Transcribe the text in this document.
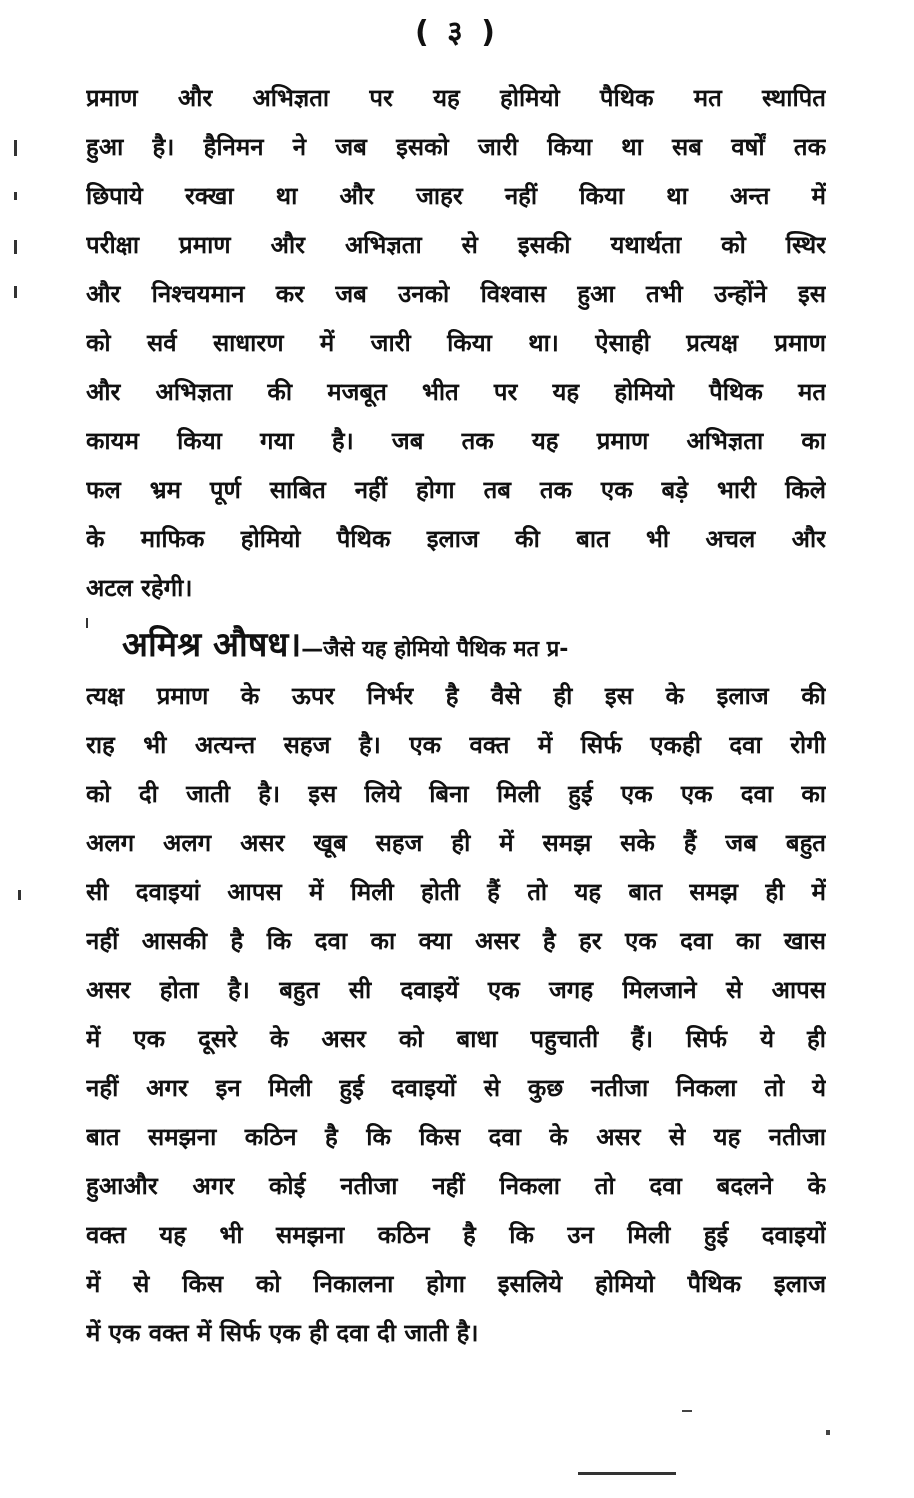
( ३ )
प्रमाण और अभिज्ञता पर यह होमियो पैथिक मत स्थापित
हुआ है। हैनिमन ने जब इसको जारी किया था सब वर्षों तक
छिपाये रक्खा था और जाहर नहीं किया था अन्त में
परीक्षा प्रमाण और अभिज्ञता से इसकी यथार्थता को स्थिर
और निश्चयमान कर जब उनको विश्वास हुआ तभी उन्होंने इस
को सर्व साधारण में जारी किया था। ऐसाही प्रत्यक्ष प्रमाण
और अभिज्ञता की मजबूत भीत पर यह होमियो पैथिक मत
कायम किया गया है। जब तक यह प्रमाण अभिज्ञता का
फल भ्रम पूर्ण साबित नहीं होगा तब तक एक बड़े भारी किले
के माफिक होमियो पैथिक इलाज की बात भी अचल और
अटल रहेगी।
अमिश्र औषध।—जैसे यह होमियो पैथिक मत प्र-
त्यक्ष प्रमाण के ऊपर निर्भर है वैसे ही इस के इलाज की
राह भी अत्यन्त सहज है। एक वक्त में सिर्फ एकही दवा रोगी
को दी जाती है। इस लिये बिना मिली हुई एक एक दवा का
अलग अलग असर खूब सहज ही में समझ सके हैं जब बहुत
सी दवाइयां आपस में मिली होती हैं तो यह बात समझ ही में
नहीं आसकी है कि दवा का क्या असर है हर एक दवा का खास
असर होता है। बहुत सी दवाइयें एक जगह मिलजाने से आपस
में एक दूसरे के असर को बाधा पहुचाती हैं। सिर्फ ये ही
नहीं अगर इन मिली हुई दवाइयों से कुछ नतीजा निकला तो ये
बात समझना कठिन है कि किस दवा के असर से यह नतीजा
हुआऔर अगर कोई नतीजा नहीं निकला तो दवा बदलने के
वक्त यह भी समझना कठिन है कि उन मिली हुई दवाइयों
में से किस को निकालना होगा इसलिये होमियो पैथिक इलाज
में एक वक्त में सिर्फ एक ही दवा दी जाती है।
